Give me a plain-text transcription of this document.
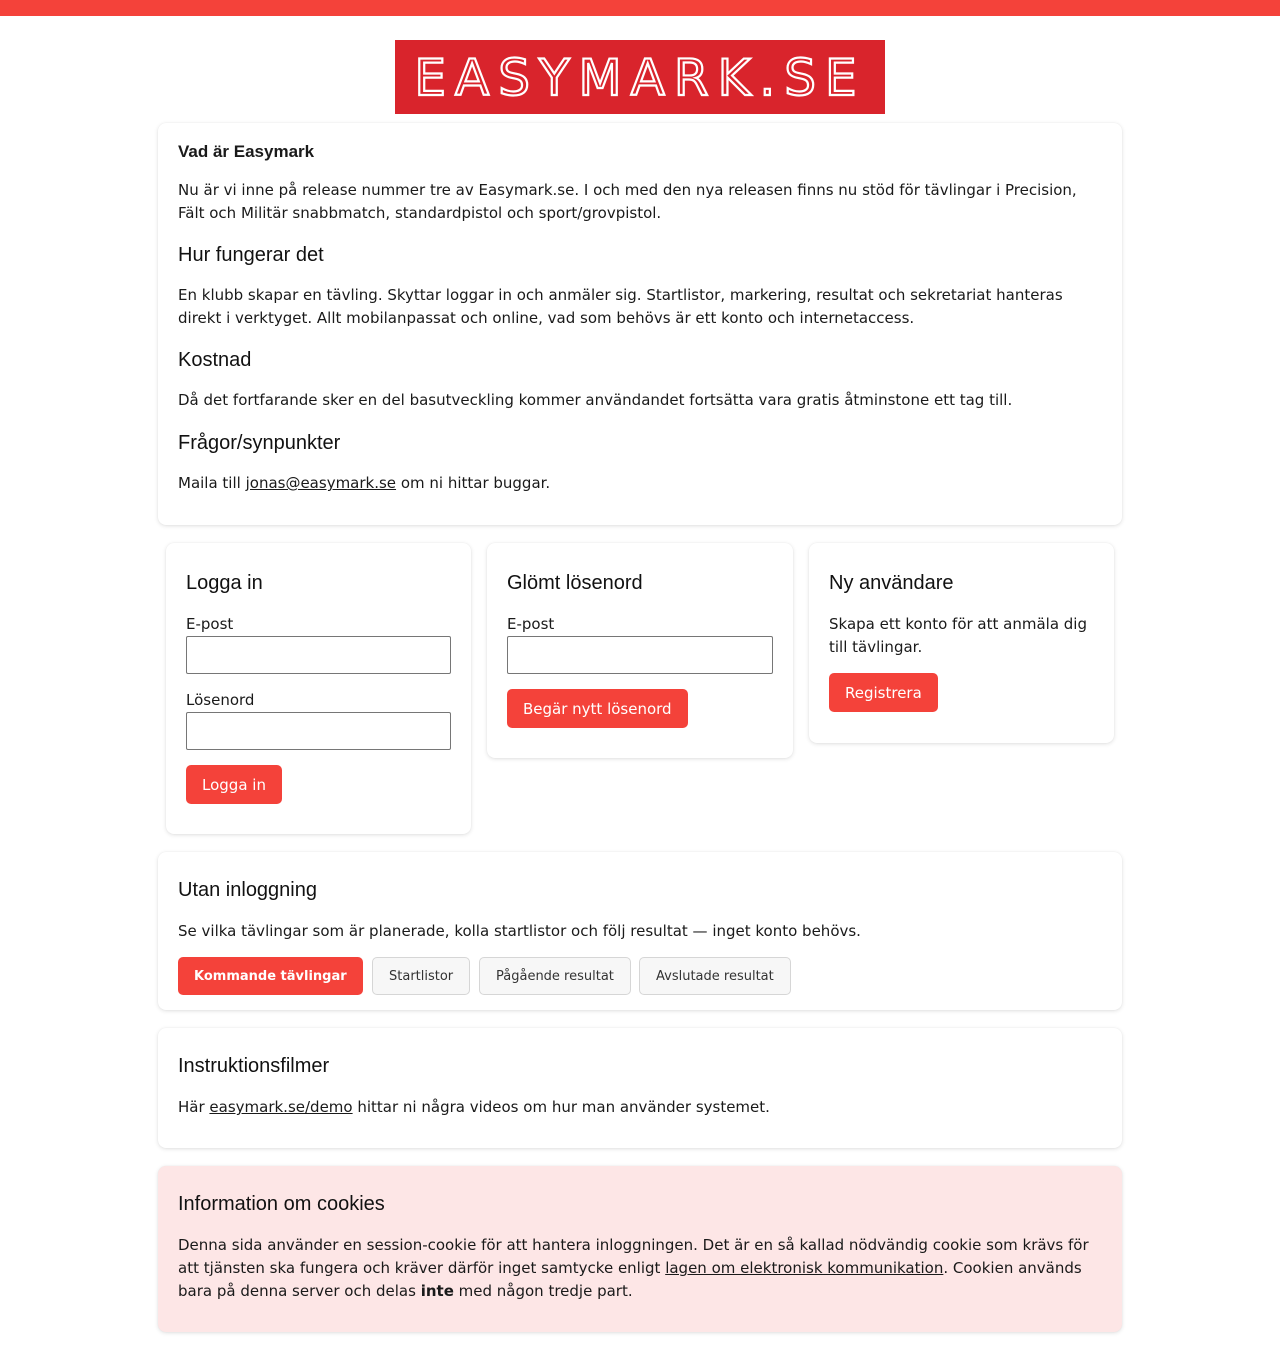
EASYMARK.SE
Vad är Easymark

Nu är vi inne på release nummer tre av Easymark.se. I och med den nya releasen finns nu stöd för tävlingar i Precision, Fält och Militär snabbmatch, standardpistol och sport/grovpistol.

Hur fungerar det

En klubb skapar en tävling. Skyttar loggar in och anmäler sig. Startlistor, markering, resultat och sekretariat hanteras direkt i verktyget. Allt mobilanpassat och online, vad som behövs är ett konto och internetaccess.

Kostnad

Då det fortfarande sker en del basutveckling kommer användandet fortsätta vara gratis åtminstone ett tag till.

Frågor/synpunkter

Maila till jonas@easymark.se om ni hittar buggar.

Logga in
E-post
Lösenord
Logga in
Glömt lösenord
E-post
Begär nytt lösenord
Ny användare

Skapa ett konto för att anmäla dig till tävlingar.

Registrera
Utan inloggning

Se vilka tävlingar som är planerade, kolla startlistor och följ resultat — inget konto behövs.

Kommande tävlingar	Startlistor	Pågående resultat	Avslutade resultat
Instruktionsfilmer

Här easymark.se/demo hittar ni några videos om hur man använder systemet.

Information om cookies

Denna sida använder en session-cookie för att hantera inloggningen. Det är en så kallad nödvändig cookie som krävs för att tjänsten ska fungera och kräver därför inget samtycke enligt lagen om elektronisk kommunikation. Cookien används bara på denna server och delas inte med någon tredje part.
